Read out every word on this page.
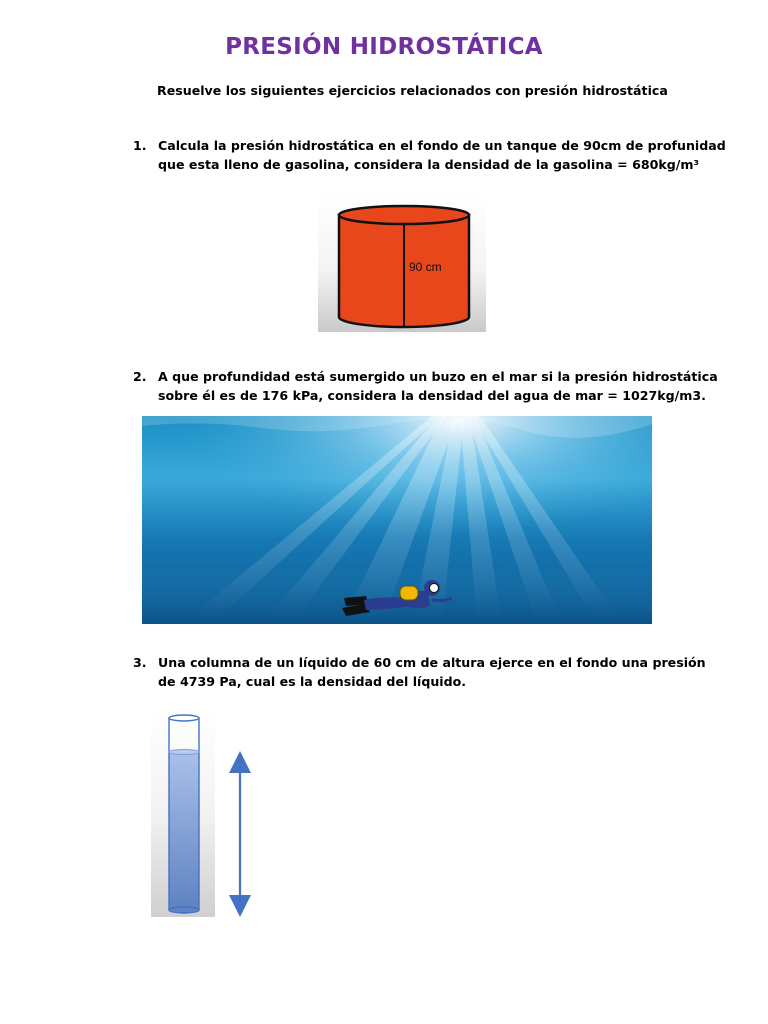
PRESIÓN HIDROSTÁTICA
Resuelve los siguientes ejercicios relacionados con presión hidrostática
1. Calcula la presión hidrostática en el fondo de un tanque de 90cm de profunidad
que esta lleno de gasolina, considera la densidad de la gasolina = 680kg/m³
90 cm
2. A que profundidad está sumergido un buzo en el mar si la presión hidrostática
sobre él es de 176 kPa, considera la densidad del agua de mar = 1027kg/m3.
3. Una columna de un líquido de 60 cm de altura ejerce en el fondo una presión
de 4739 Pa, cual es la densidad del líquido.
